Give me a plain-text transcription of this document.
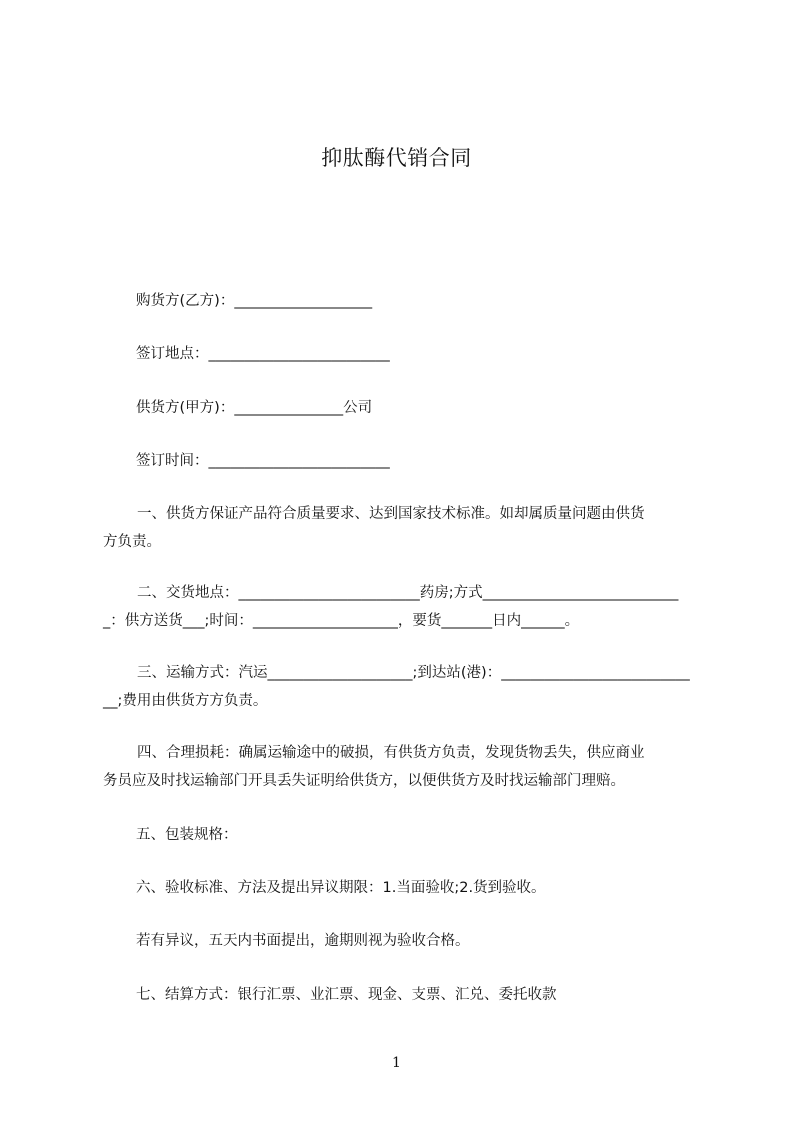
抑肽酶代销合同
购货方(乙方)：___________________
签订地点：_________________________
供货方(甲方)：_______________公司
签订时间：_________________________
一、供货方保证产品符合质量要求、达到国家技术标准。如却属质量问题由供货
方负责。
二、交货地点：_________________________药房;方式___________________________
_：供方送货___;时间：____________________，要货_______日内______。
三、运输方式：汽运____________________;到达站(港)：__________________________
__;费用由供货方方负责。
四、合理损耗：确属运输途中的破损，有供货方负责，发现货物丢失，供应商业
务员应及时找运输部门开具丢失证明给供货方，以便供货方及时找运输部门理赔。
五、包装规格：
六、验收标准、方法及提出异议期限：1.当面验收;2.货到验收。
若有异议，五天内书面提出，逾期则视为验收合格。
七、结算方式：银行汇票、业汇票、现金、支票、汇兑、委托收款
1
